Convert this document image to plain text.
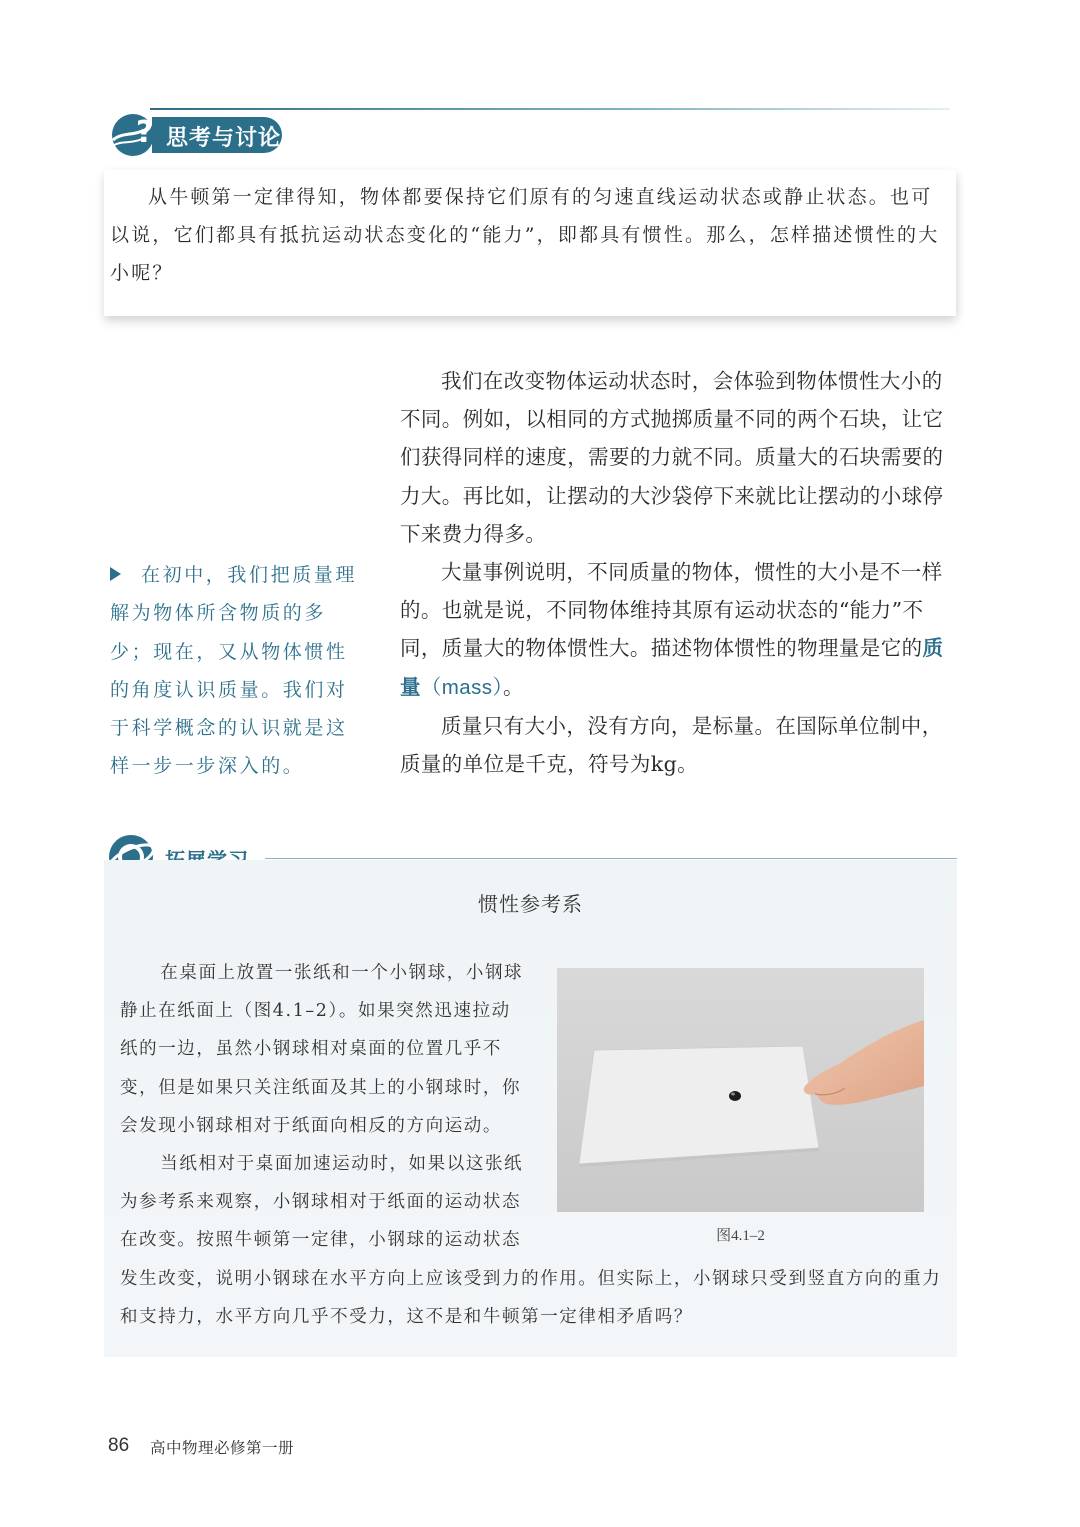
? 思考与讨论

从牛顿第一定律得知，物体都要保持它们原有的匀速直线运动状态或静止状态。也可以说，它们都具有抵抗运动状态变化的“能力”，即都具有惯性。那么，怎样描述惯性的大小呢？

我们在改变物体运动状态时，会体验到物体惯性大小的不同。例如，以相同的方式抛掷质量不同的两个石块，让它们获得同样的速度，需要的力就不同。质量大的石块需要的力大。再比如，让摆动的大沙袋停下来就比让摆动的小球停下来费力得多。

大量事例说明，不同质量的物体，惯性的大小是不一样的。也就是说，不同物体维持其原有运动状态的“能力”不同，质量大的物体惯性大。描述物体惯性的物理量是它的质量（mass）。

质量只有大小，没有方向，是标量。在国际单位制中，质量的单位是千克，符号为kg。

在初中，我们把质量理解为物体所含物质的多少；现在，又从物体惯性的角度认识质量。我们对于科学概念的认识就是这样一步一步深入的。
惯性参考系

在桌面上放置一张纸和一个小钢球，小钢球静止在纸面上（图4.1–2）。如果突然迅速拉动纸的一边，虽然小钢球相对桌面的位置几乎不变，但是如果只关注纸面及其上的小钢球时，你会发现小钢球相对于纸面向相反的方向运动。

当纸相对于桌面加速运动时，如果以这张纸为参考系来观察，小钢球相对于纸面的运动状态在改变。按照牛顿第一定律，小钢球的运动状态发生改变，说明小钢球在水平方向上应该受到力的作用。但实际上，小钢球只受到竖直方向的重力和支持力，水平方向几乎不受力，这不是和牛顿第一定律相矛盾吗？

图4.1–2
86 高中物理必修第一册
